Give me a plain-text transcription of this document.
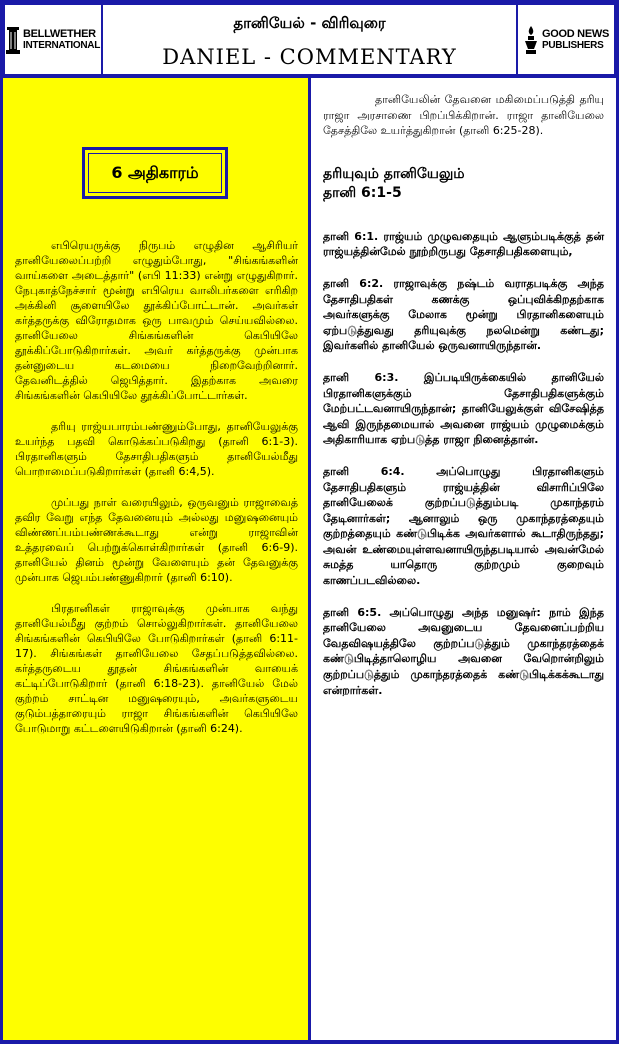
BELLWETHER
INTERNATIONAL
தானியேல் - விரிவுரை
DANIEL - COMMENTARY
GOOD NEWS
PUBLISHERS
6 அதிகாரம்

எபிரெயருக்கு நிருபம் எழுதின ஆசிரியர் தானியேலைப்பற்றி எழுதும்போது, "சிங்கங்களின் வாய்களை அடைத்தார்" (எபி 11:33) என்று எழுதுகிறார். நேபுகாத்நேச்சார் மூன்று எபிரெய வாலிபர்களை எரிகிற அக்கினி சூளையிலே தூக்கிப்போட்டான். அவர்கள் கர்த்தருக்கு விரோதமாக ஒரு பாவமும் செய்யவில்லை. தானியேலை சிங்கங்களின் கெபியிலே தூக்கிப்போடுகிறார்கள். அவர் கர்த்தருக்கு முன்பாக தன்னுடைய கடமையை நிறைவேற்றினார். தேவனிடத்தில் ஜெபித்தார். இதற்காக அவரை சிங்கங்களின் கெபியிலே தூக்கிப்போட்டார்கள்.

தரியு ராஜ்யபாரம்பண்ணும்போது, தானியேலுக்கு உயர்ந்த பதவி கொடுக்கப்படுகிறது (தானி 6:1-3). பிரதானிகளும் தேசாதிபதிகளும் தானியேல்மீது பொறாமைப்படுகிறார்கள் (தானி 6:4,5).

முப்பது நாள் வரையிலும், ஒருவனும் ராஜாவைத் தவிர வேறு எந்த தேவனையும் அல்லது மனுஷனையும் விண்ணப்பம்பண்ணக்கூடாது என்று ராஜாவின் உத்தரவைப் பெற்றுக்கொள்கிறார்கள் (தானி 6:6-9). தானியேல் தினம் மூன்று வேளையும் தன் தேவனுக்கு முன்பாக ஜெபம்பண்ணுகிறார் (தானி 6:10).

பிரதானிகள் ராஜாவுக்கு முன்பாக வந்து தானியேல்மீது குற்றம் சொல்லுகிறார்கள். தானியேலை சிங்கங்களின் கெபியிலே போடுகிறார்கள் (தானி 6:11-17). சிங்கங்கள் தானியேலை சேதப்படுத்தவில்லை. கர்த்தருடைய தூதன் சிங்கங்களின் வாயைக் கட்டிப்போடுகிறார் (தானி 6:18-23). தானியேல் மேல் குற்றம் சாட்டின மனுஷரையும், அவர்களுடைய குடும்பத்தாரையும் ராஜா சிங்கங்களின் கெபியிலே போடுமாறு கட்டளையிடுகிறான் (தானி 6:24).

தானியேலின் தேவனை மகிமைப்படுத்தி தரியு ராஜா அரசாணை பிறப்பிக்கிறான். ராஜா தானியேலை தேசத்திலே உயர்த்துகிறான் (தானி 6:25-28).

தரியுவும் தானியேலும்
தானி 6:1-5

தானி 6:1. ராஜ்யம் முழுவதையும் ஆளும்படிக்குத் தன் ராஜ்யத்தின்மேல் நூற்றிருபது தேசாதிபதிகளையும்,

தானி 6:2. ராஜாவுக்கு நஷ்டம் வராதபடிக்கு அந்த தேசாதிபதிகள் கணக்கு ஒப்புவிக்கிறதற்காக அவர்களுக்கு மேலாக மூன்று பிரதானிகளையும் ஏற்படுத்துவது தரியுவுக்கு நலமென்று கண்டது; இவர்களில் தானியேல் ஒருவனாயிருந்தான்.

தானி 6:3. இப்படியிருக்கையில் தானியேல் பிரதானிகளுக்கும் தேசாதிபதிகளுக்கும் மேற்பட்டவனாயிருந்தான்; தானியேலுக்குள் விசேஷித்த ஆவி இருந்தமையால் அவனை ராஜ்யம் முழுமைக்கும் அதிகாரியாக ஏற்படுத்த ராஜா நினைத்தான்.

தானி 6:4. அப்பொழுது பிரதானிகளும் தேசாதிபதிகளும் ராஜ்யத்தின் விசாரிப்பிலே தானியேலைக் குற்றப்படுத்தும்படி முகாந்தரம் தேடினார்கள்; ஆனாலும் ஒரு முகாந்தரத்தையும் குற்றத்தையும் கண்டுபிடிக்க அவர்களால் கூடாதிருந்தது; அவன் உண்மையுள்ளவனாயிருந்தபடியால் அவன்மேல் சுமத்த யாதொரு குற்றமும் குறைவும் காணப்படவில்லை.

தானி 6:5. அப்பொழுது அந்த மனுஷர்: நாம் இந்த தானியேலை அவனுடைய தேவனைப்பற்றிய வேதவிஷயத்திலே குற்றப்படுத்தும் முகாந்தரத்தைக் கண்டுபிடித்தாலொழிய அவனை வேறொன்றிலும் குற்றப்படுத்தும் முகாந்தரத்தைக் கண்டுபிடிக்கக்கூடாது என்றார்கள்.
